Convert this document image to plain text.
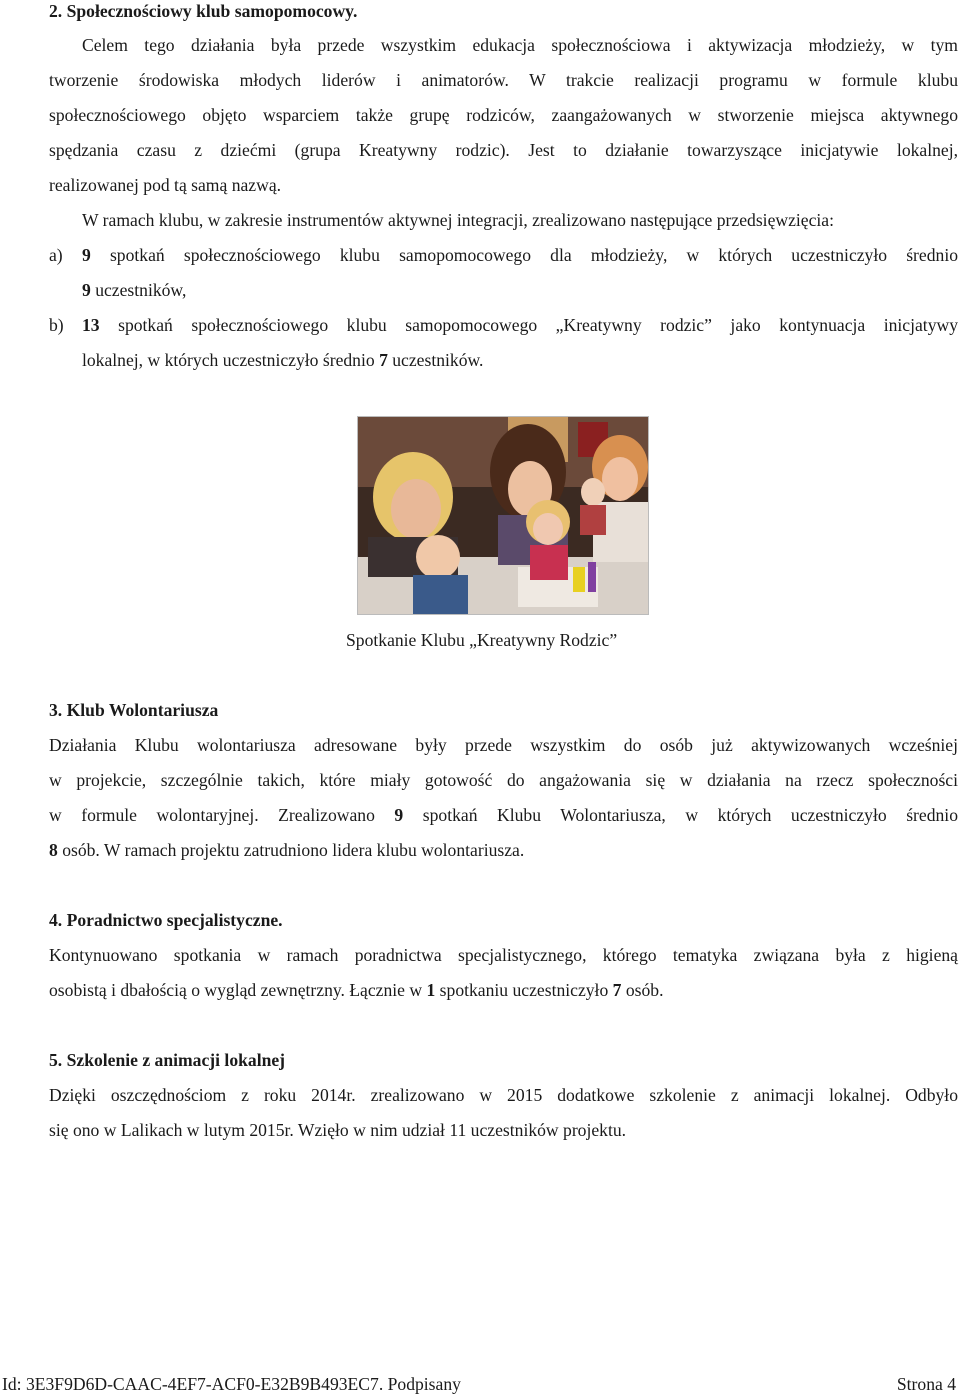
2. Społecznościowy klub samopomocowy.
Celem tego działania była przede wszystkim edukacja społecznościowa i aktywizacja młodzieży, w tym
tworzenie środowiska młodych liderów i animatorów. W trakcie realizacji programu w formule klubu
społecznościowego objęto wsparciem także grupę rodziców, zaangażowanych w stworzenie miejsca aktywnego
spędzania czasu z dziećmi (grupa Kreatywny rodzic). Jest to działanie towarzyszące inicjatywie lokalnej,
realizowanej pod tą samą nazwą.
W ramach klubu, w zakresie instrumentów aktywnej integracji, zrealizowano następujące przedsięwzięcia:
a) 9 spotkań społecznościowego klubu samopomocowego dla młodzieży, w których uczestniczyło średnio
9 uczestników,
b) 13 spotkań społecznościowego klubu samopomocowego „Kreatywny rodzic” jako kontynuacja inicjatywy
lokalnej, w których uczestniczyło średnio 7 uczestników.
Spotkanie Klubu „Kreatywny Rodzic”
3. Klub Wolontariusza
Działania Klubu wolontariusza adresowane były przede wszystkim do osób już aktywizowanych wcześniej
w projekcie, szczególnie takich, które miały gotowość do angażowania się w działania na rzecz społeczności
w formule wolontaryjnej. Zrealizowano 9 spotkań Klubu Wolontariusza, w których uczestniczyło średnio
8 osób. W ramach projektu zatrudniono lidera klubu wolontariusza.
4. Poradnictwo specjalistyczne.
Kontynuowano spotkania w ramach poradnictwa specjalistycznego, którego tematyka związana była z higieną
osobistą i dbałością o wygląd zewnętrzny. Łącznie w 1 spotkaniu uczestniczyło 7 osób.
5. Szkolenie z animacji lokalnej
Dzięki oszczędnościom z roku 2014r. zrealizowano w 2015 dodatkowe szkolenie z animacji lokalnej. Odbyło
się ono w Lalikach w lutym 2015r. Wzięło w nim udział 11 uczestników projektu.
Id: 3E3F9D6D-CAAC-4EF7-ACF0-E32B9B493EC7. Podpisany	Strona 4
